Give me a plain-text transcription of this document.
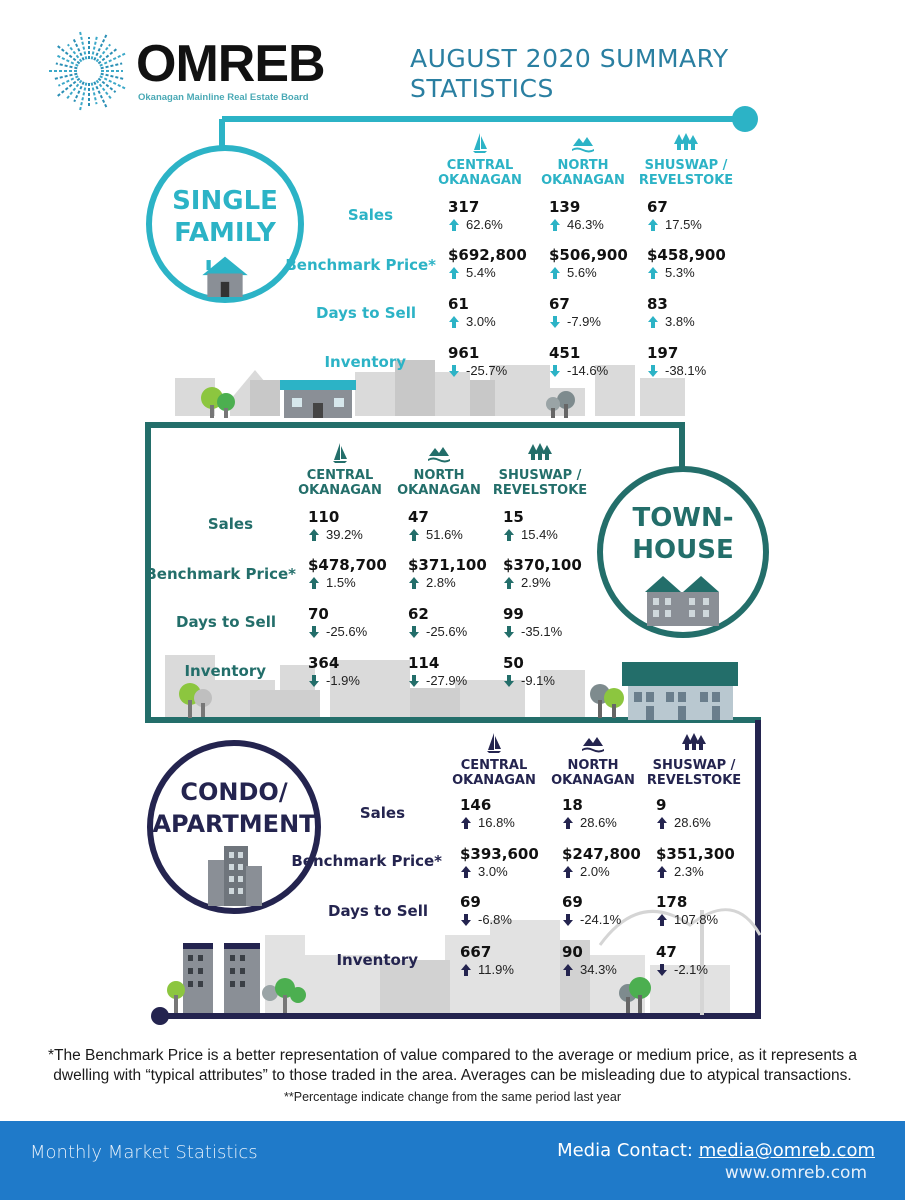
OMREB
Okanagan Mainline Real Estate Board
AUGUST 2020 SUMMARY
STATISTICS
SINGLE
FAMILY
CENTRAL
OKANAGAN
NORTH
OKANAGAN
SHUSWAP /
REVELSTOKE
Sales
Benchmark Price*
Days to Sell
Inventory
317
62.6%
$692,800
5.4%
61
3.0%
961
-25.7%
139
46.3%
$506,900
5.6%
67
-7.9%
451
-14.6%
67
17.5%
$458,900
5.3%
83
3.8%
197
-38.1%
TOWN-
HOUSE
CENTRAL
OKANAGAN
NORTH
OKANAGAN
SHUSWAP /
REVELSTOKE
Sales
Benchmark Price*
Days to Sell
Inventory
110
39.2%
$478,700
1.5%
70
-25.6%
364
-1.9%
47
51.6%
$371,100
2.8%
62
-25.6%
114
-27.9%
15
15.4%
$370,100
2.9%
99
-35.1%
50
-9.1%
CONDO/
APARTMENT
CENTRAL
OKANAGAN
NORTH
OKANAGAN
SHUSWAP /
REVELSTOKE
Sales
Benchmark Price*
Days to Sell
Inventory
146
16.8%
$393,600
3.0%
69
-6.8%
667
11.9%
18
28.6%
$247,800
2.0%
69
-24.1%
90
34.3%
9
28.6%
$351,300
2.3%
178
107.8%
47
-2.1%
*The Benchmark Price is a better representation of value compared to the average or medium price, as it represents a
dwelling with “typical attributes” to those traded in the area. Averages can be misleading due to atypical transactions.
**Percentage indicate change from the same period last year
Monthly Market Statistics	Media Contact: media@omreb.com
www.omreb.com
